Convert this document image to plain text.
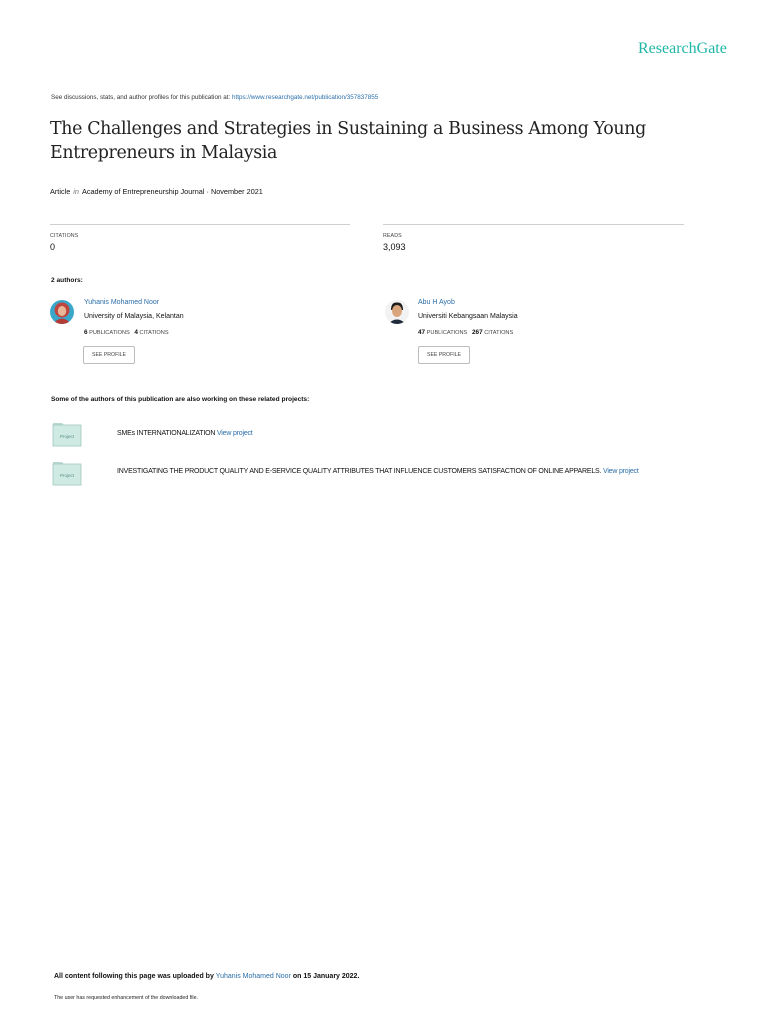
ResearchGate
See discussions, stats, and author profiles for this publication at: https://www.researchgate.net/publication/357837855
The Challenges and Strategies in Sustaining a Business Among Young Entrepreneurs in Malaysia
Article in Academy of Entrepreneurship Journal · November 2021
CITATIONS
0
READS
3,093
2 authors:
Yuhanis Mohamed Noor
University of Malaysia, Kelantan
6 PUBLICATIONS 4 CITATIONS
SEE PROFILE
Abu H Ayob
Universiti Kebangsaan Malaysia
47 PUBLICATIONS 267 CITATIONS
SEE PROFILE
Some of the authors of this publication are also working on these related projects:
Project	SMEs INTERNATIONALIZATION View project
Project
INVESTIGATING THE PRODUCT QUALITY AND E-SERVICE QUALITY ATTRIBUTES THAT INFLUENCE CUSTOMERS SATISFACTION OF ONLINE APPARELS. View project
All content following this page was uploaded by Yuhanis Mohamed Noor on 15 January 2022.
The user has requested enhancement of the downloaded file.
